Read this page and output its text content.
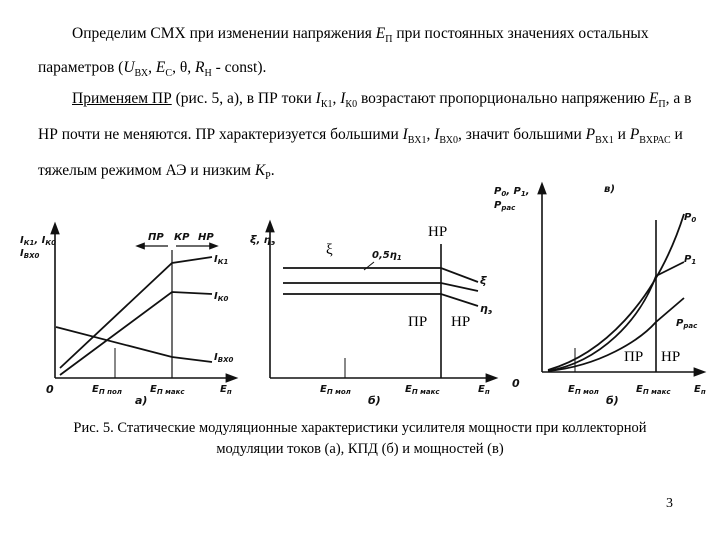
Определим СМХ при изменении напряжения $E_П$ при постоянных значениях остальных параметров ($U_{ВХ}$, $E_С$, θ, $R_Н$ - const).

Применяем ПР (рис. 5, а), в ПР токи $I_{К1}$, $I_{К0}$ возрастают пропорционально напряжению $E_П$, а в НР почти не меняются. ПР характеризуется большими $I_{ВХ1}$, $I_{ВХ0}$, значит большими $P_{ВХ1}$ и $P_{ВХРАС}$ и тяжелым режимом АЭ и низким $K_Р$.

$I_{К1}$, $I_{К0}$
$I_{ВХ0}$
ПР КР НР
$I_{К1}$
$I_{К0}$
$I_{ВХ0}$
0	$E_{П пол}$	$E_{П макс}$	$E_п$
а)
ξ, ηэ	ξ	$0,5\eta_1$
НР
ξ
ηэ
ПР НР
$E_{П мол}$	$E_{П макс}$	$E_п$
б)
в)
$P_0$, $P_1$,
$P_{рас}$
$P_0$
$P_1$
$P_{рас}$
ПР НР
0	$E_{П мол}$	$E_{П макс}$ $E_п$
б)
Рис. 5. Статические модуляционные характеристики усилителя мощности при коллекторной
модуляции токов (а), КПД (б) и мощностей (в)
3
